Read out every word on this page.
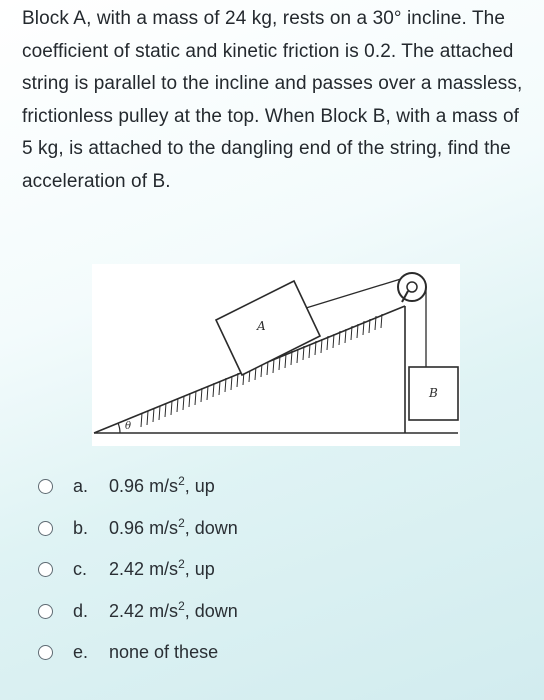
Block A, with a mass of 24 kg, rests on a 30° incline. The coefficient of static and kinetic friction is 0.2. The attached string is parallel to the incline and passes over a massless, frictionless pulley at the top. When Block B, with a mass of 5 kg, is attached to the dangling end of the string, find the acceleration of B.
θ
A
B
a.	0.96 $m/s^2$, up
b.	0.96 $m/s^2$, down
c.	2.42 $m/s^2$, up
d.	2.42 $m/s^2$, down
e.	none of these
